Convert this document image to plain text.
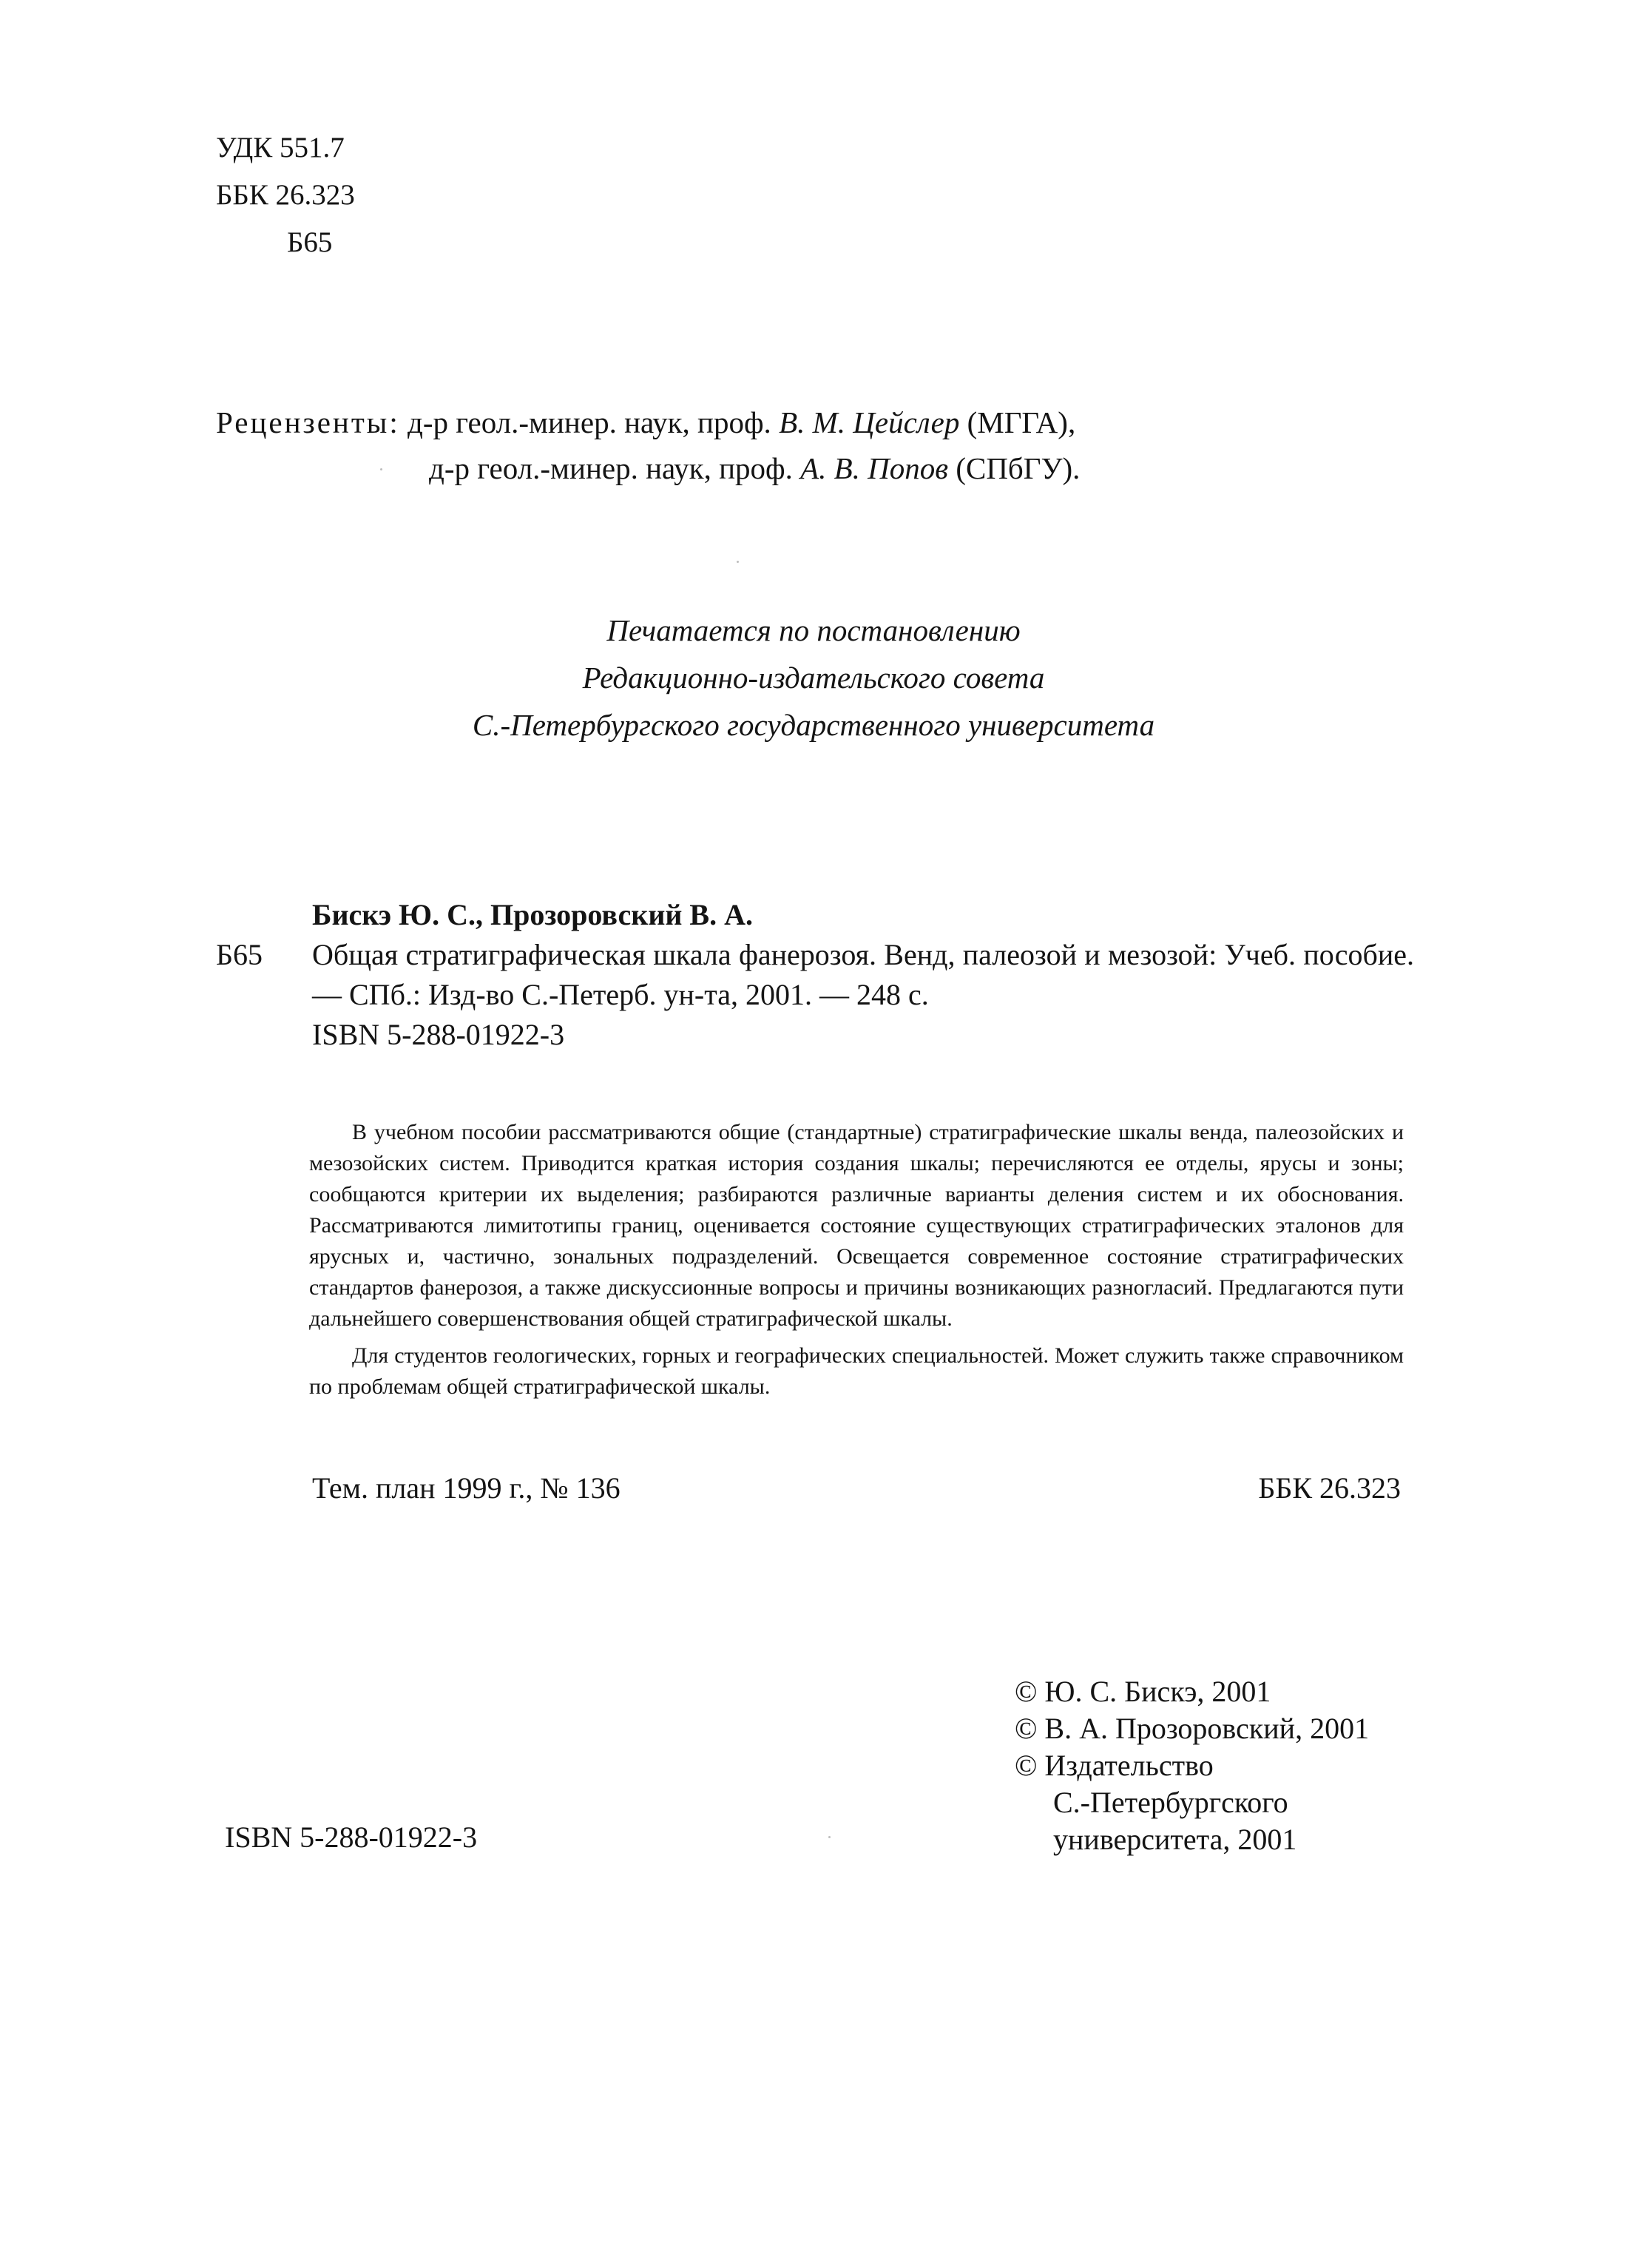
УДК 551.7
ББК 26.323
Б65
Рецензенты: д-р геол.-минер. наук, проф. В. М. Цейслер (МГГА),
д-р геол.-минер. наук, проф. А. В. Попов (СПбГУ).
Печатается по постановлению
Редакционно-издательского совета
С.-Петербургского государственного университета
Бискэ Ю. С., Прозоровский В. А.
Б65	Общая стратиграфическая шкала фанерозоя. Венд, палеозой и мезозой: Учеб. пособие. — СПб.: Изд-во С.-Петерб. ун-та, 2001. — 248 с.
ISBN 5-288-01922-3

В учебном пособии рассматриваются общие (стандартные) стратиграфические шкалы венда, палеозойских и мезозойских систем. Приводится краткая история создания шкалы; перечисляются ее отделы, ярусы и зоны; сообщаются критерии их выделения; разбираются различные варианты деления систем и их обоснования. Рассматриваются лимитотипы границ, оценивается состояние существующих стратиграфических эталонов для ярусных и, частично, зональных подразделений. Освещается современное состояние стратиграфических стандартов фанерозоя, а также дискуссионные вопросы и причины возникающих разногласий. Предлагаются пути дальнейшего совершенствования общей стратиграфической шкалы.

Для студентов геологических, горных и географических специальностей. Может служить также справочником по проблемам общей стратиграфической шкалы.

Тем. план 1999 г., № 136	ББК 26.323
© Ю. С. Бискэ, 2001
© В. А. Прозоровский, 2001
© Издательство
С.-Петербургского
университета, 2001
ISBN 5-288-01922-3
